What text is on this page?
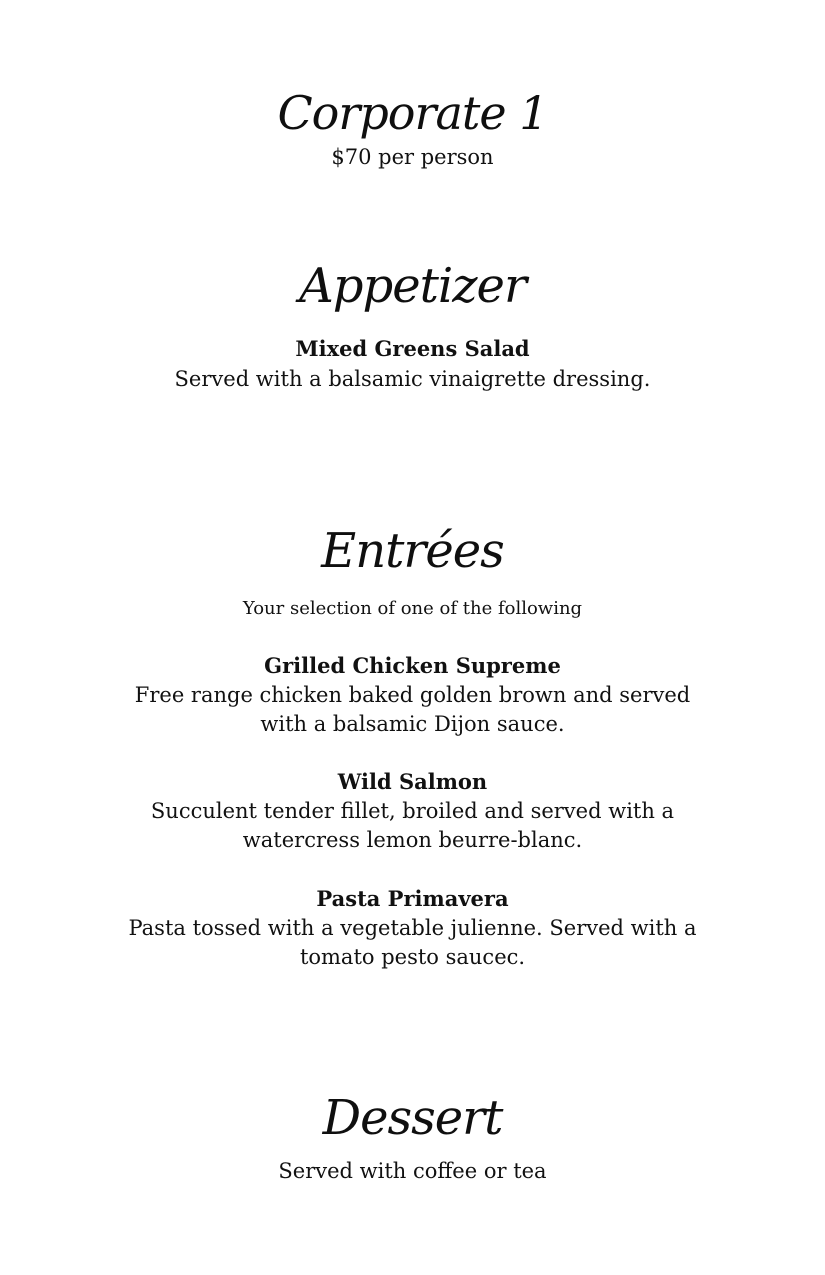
Corporate 1
$70 per person
Appetizer
Mixed Greens Salad
Served with a balsamic vinaigrette dressing.
Entrées
Your selection of one of the following
Grilled Chicken Supreme
Free range chicken baked golden brown and served
with a balsamic Dijon sauce.
Wild Salmon
Succulent tender fillet, broiled and served with a
watercress lemon beurre-blanc.
Pasta Primavera
Pasta tossed with a vegetable julienne. Served with a
tomato pesto saucec.
Dessert
Served with coffee or tea
